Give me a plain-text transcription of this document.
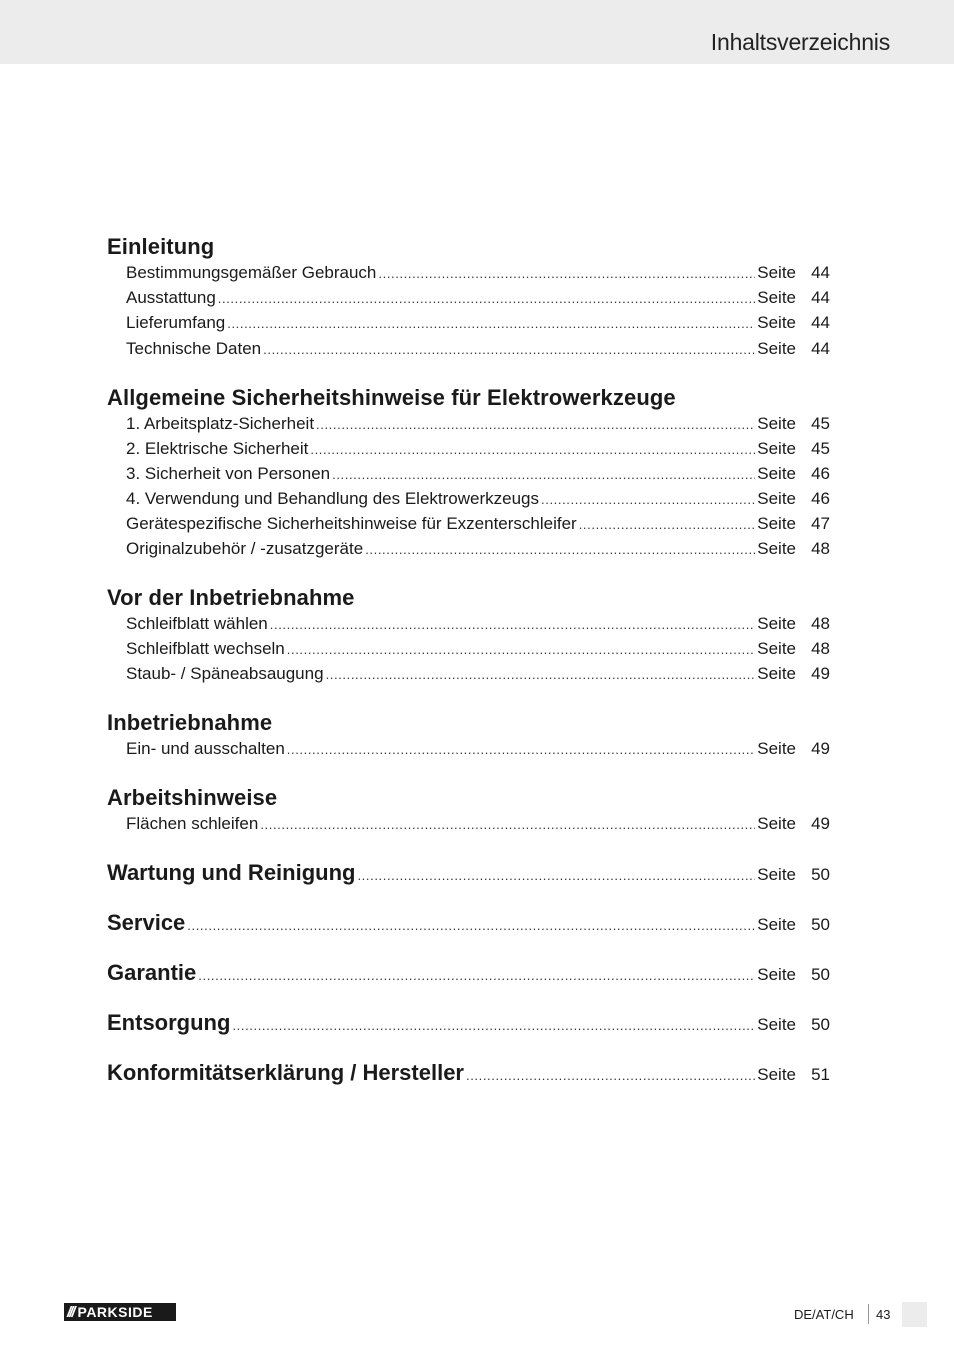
Inhaltsverzeichnis
Einleitung
Bestimmungsgemäßer Gebrauch .....	Seite 44
Ausstattung .....	Seite 44
Lieferumfang .....	Seite 44
Technische Daten .....	Seite 44
Allgemeine Sicherheitshinweise für Elektrowerkzeuge
1. Arbeitsplatz-Sicherheit .....	Seite 45
2. Elektrische Sicherheit .....	Seite 45
3. Sicherheit von Personen .....	Seite 46
4. Verwendung und Behandlung des Elektrowerkzeugs .....	Seite 46
Gerätespezifische Sicherheitshinweise für Exzenterschleifer .....	Seite 47
Originalzubehör / -zusatzgeräte .....	Seite 48
Vor der Inbetriebnahme
Schleifblatt wählen .....	Seite 48
Schleifblatt wechseln .....	Seite 48
Staub- / Späneabsaugung .....	Seite 49
Inbetriebnahme
Ein- und ausschalten .....	Seite 49
Arbeitshinweise
Flächen schleifen .....	Seite 49
Wartung und Reinigung .....	Seite 50
Service .....	Seite 50
Garantie .....	Seite 50
Entsorgung .....	Seite 50
Konformitätserklärung / Hersteller .....	Seite 51
/// PARKSIDE	DE/AT/CH 43
